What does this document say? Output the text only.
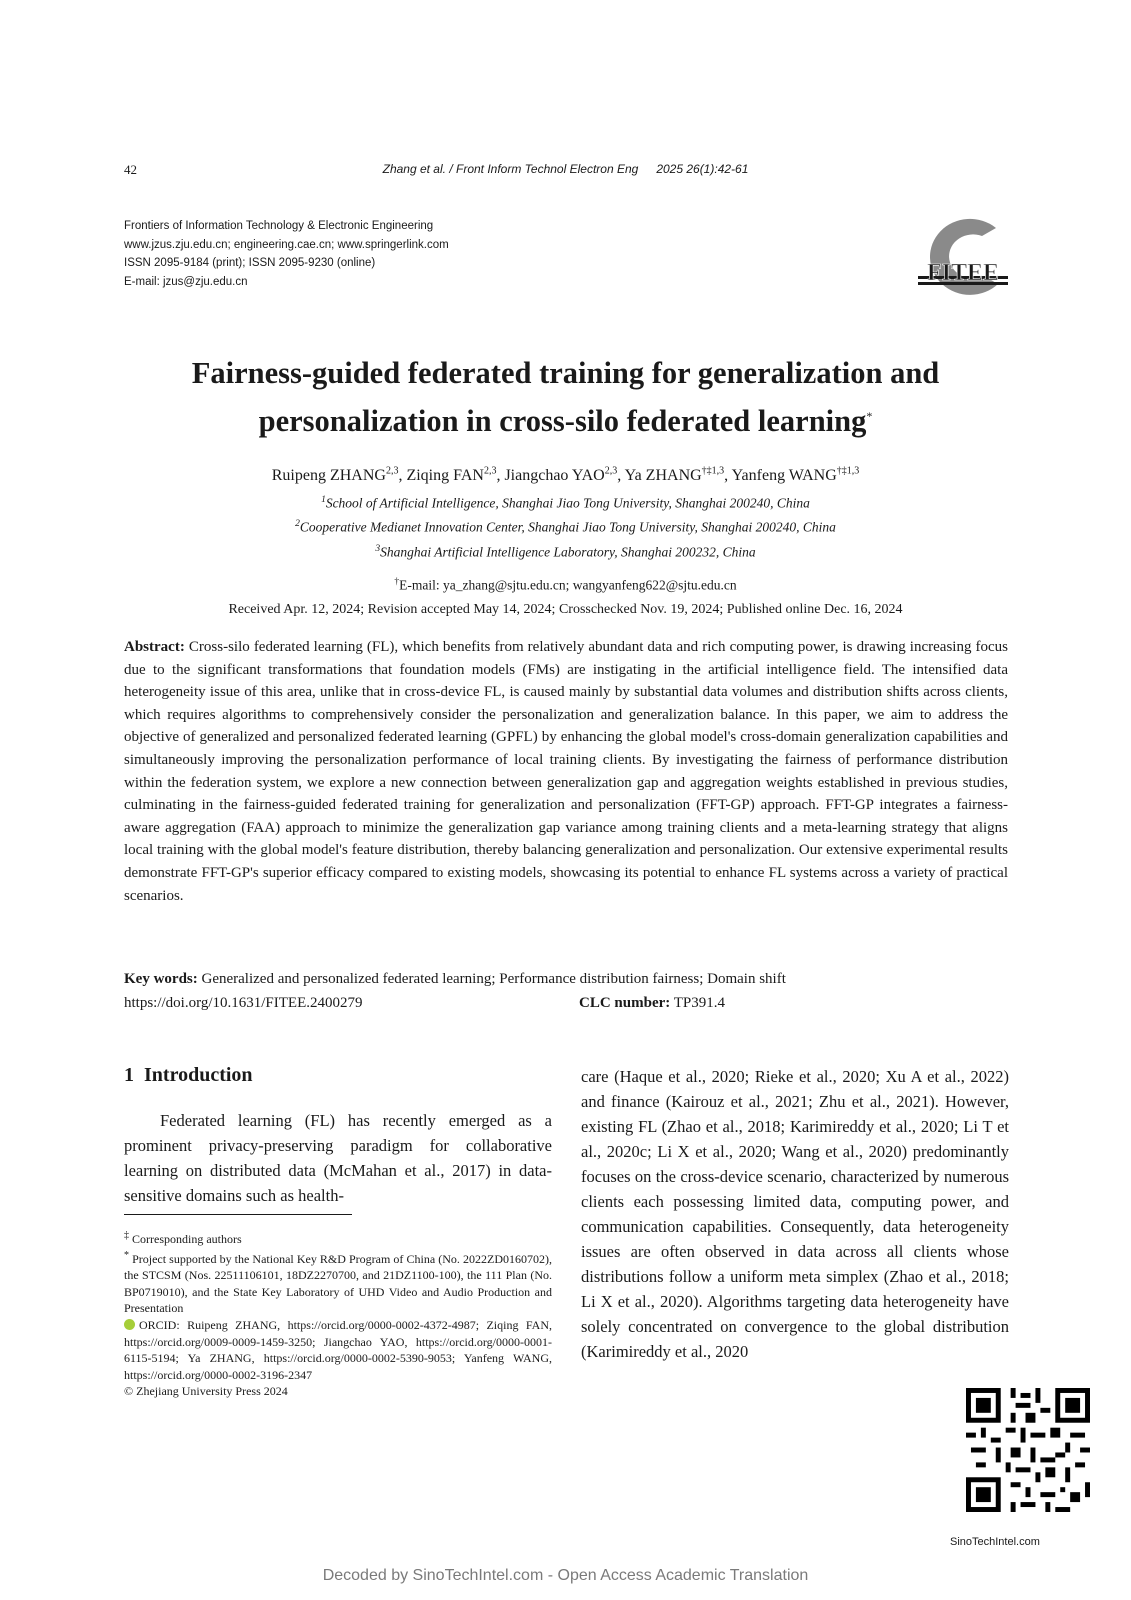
42	Zhang et al. / Front Inform Technol Electron Eng 2025 26(1):42-61
Frontiers of Information Technology & Electronic Engineering
www.jzus.zju.edu.cn; engineering.cae.cn; www.springerlink.com
ISSN 2095-9184 (print); ISSN 2095-9230 (online)
E-mail: jzus@zju.edu.cn	FITEE
Fairness-guided federated training for generalization and
personalization in cross-silo federated learning*
Ruipeng ZHANG$^{2,3}$, Ziqing FAN$^{2,3}$, Jiangchao YAO$^{2,3}$, Ya ZHANG$^{\dagger\ddagger 1,3}$, Yanfeng WANG$^{\dagger\ddagger 1,3}$
$^1$School of Artificial Intelligence, Shanghai Jiao Tong University, Shanghai 200240, China
$^2$Cooperative Medianet Innovation Center, Shanghai Jiao Tong University, Shanghai 200240, China
$^3$Shanghai Artificial Intelligence Laboratory, Shanghai 200232, China
†E-mail: ya_zhang@sjtu.edu.cn; wangyanfeng622@sjtu.edu.cn
Received Apr. 12, 2024; Revision accepted May 14, 2024; Crosschecked Nov. 19, 2024; Published online Dec. 16, 2024
Abstract: Cross-silo federated learning (FL), which benefits from relatively abundant data and rich computing power, is drawing increasing focus due to the significant transformations that foundation models (FMs) are instigating in the artificial intelligence field. The intensified data heterogeneity issue of this area, unlike that in cross-device FL, is caused mainly by substantial data volumes and distribution shifts across clients, which requires algorithms to comprehensively consider the personalization and generalization balance. In this paper, we aim to address the objective of generalized and personalized federated learning (GPFL) by enhancing the global model's cross-domain generalization capabilities and simultaneously improving the personalization performance of local training clients. By investigating the fairness of performance distribution within the federation system, we explore a new connection between generalization gap and aggregation weights established in previous studies, culminating in the fairness-guided federated training for generalization and personalization (FFT-GP) approach. FFT-GP integrates a fairness-aware aggregation (FAA) approach to minimize the generalization gap variance among training clients and a meta-learning strategy that aligns local training with the global model's feature distribution, thereby balancing generalization and personalization. Our extensive experimental results demonstrate FFT-GP's superior efficacy compared to existing models, showcasing its potential to enhance FL systems across a variety of practical scenarios.
Key words: Generalized and personalized federated learning; Performance distribution fairness; Domain shift
https://doi.org/10.1631/FITEE.2400279	CLC number: TP391.4
1 Introduction
Federated learning (FL) has recently emerged as a prominent privacy-preserving paradigm for collaborative learning on distributed data (McMahan et al., 2017) in data-sensitive domains such as health-
care (Haque et al., 2020; Rieke et al., 2020; Xu A et al., 2022) and finance (Kairouz et al., 2021; Zhu et al., 2021). However, existing FL (Zhao et al., 2018; Karimireddy et al., 2020; Li T et al., 2020c; Li X et al., 2020; Wang et al., 2020) predominantly focuses on the cross-device scenario, characterized by numerous clients each possessing limited data, computing power, and communication capabilities. Consequently, data heterogeneity issues are often observed in data across all clients whose distributions follow a uniform meta simplex (Zhao et al., 2018; Li X et al., 2020). Algorithms targeting data heterogeneity have solely concentrated on convergence to the global distribution (Karimireddy et al., 2020

‡ Corresponding authors

* Project supported by the National Key R&D Program of China (No. 2022ZD0160702), the STCSM (Nos. 22511106101, 18DZ2270700, and 21DZ1100-100), the 111 Plan (No. BP0719010), and the State Key Laboratory of UHD Video and Audio Production and Presentation

ORCID: Ruipeng ZHANG, https://orcid.org/0000-0002-4372-4987; Ziqing FAN, https://orcid.org/0009-0009-1459-3250; Jiangchao YAO, https://orcid.org/0000-0001-6115-5194; Ya ZHANG, https://orcid.org/0000-0002-5390-9053; Yanfeng WANG, https://orcid.org/0000-0002-3196-2347

© Zhejiang University Press 2024

SinoTechIntel.com
Decoded by SinoTechIntel.com - Open Access Academic Translation
